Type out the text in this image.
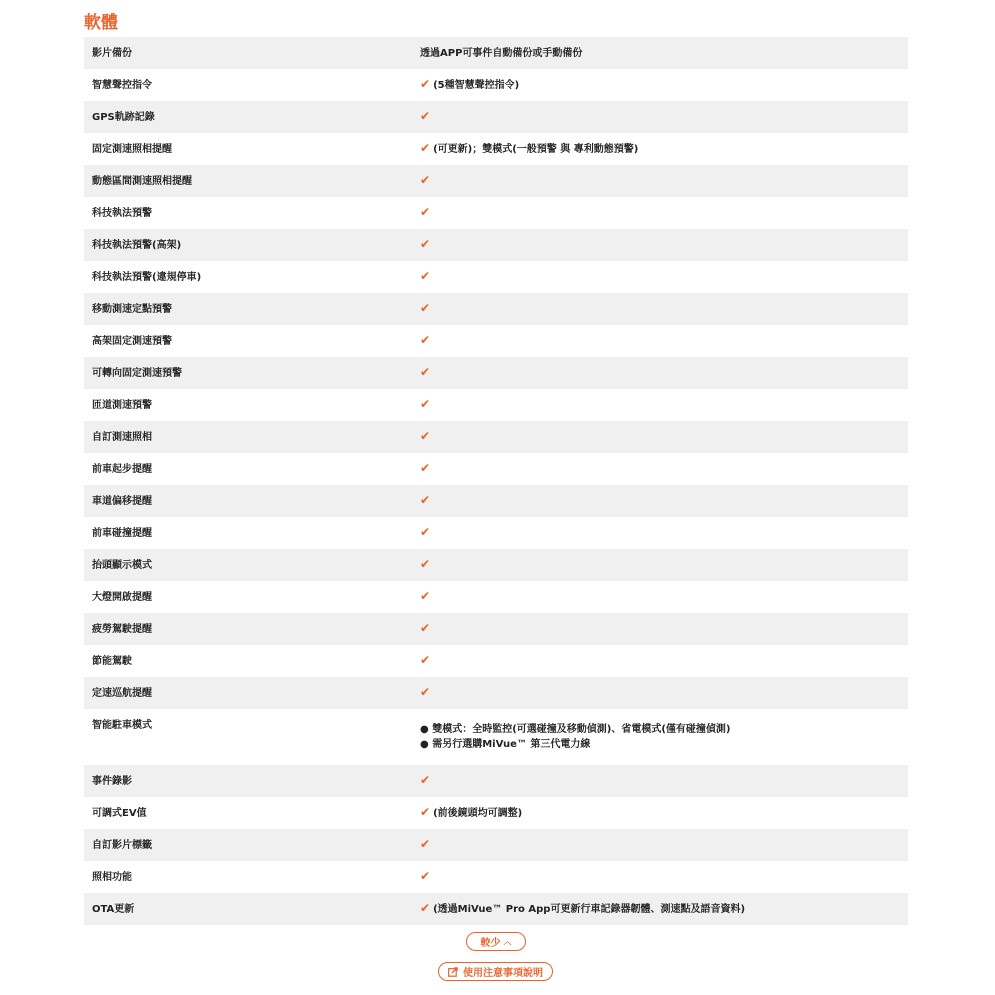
軟體
影片備份	透過APP可事件自動備份或手動備份
智慧聲控指令	✔ (5種智慧聲控指令)
GPS軌跡記錄	✔
固定測速照相提醒	✔ (可更新)；雙模式(一般預警 與 專利動態預警)
動態區間測速照相提醒	✔
科技執法預警	✔
科技執法預警(高架)	✔
科技執法預警(違規停車)	✔
移動測速定點預警	✔
高架固定測速預警	✔
可轉向固定測速預警	✔
匝道測速預警	✔
自訂測速照相	✔
前車起步提醒	✔
車道偏移提醒	✔
前車碰撞提醒	✔
抬頭顯示模式	✔
大燈開啟提醒	✔
疲勞駕駛提醒	✔
節能駕駛	✔
定速巡航提醒	✔
智能駐車模式	● 雙模式：全時監控(可選碰撞及移動偵測)、省電模式(僅有碰撞偵測)
● 需另行選購MiVue™ 第三代電力線

事件錄影	✔
可調式EV值	✔ (前後鏡頭均可調整)
自訂影片標籤	✔
照相功能	✔
OTA更新	✔ (透過MiVue™ Pro App可更新行車記錄器韌體、測速點及語音資料)
較少 ︿
使用注意事項說明
